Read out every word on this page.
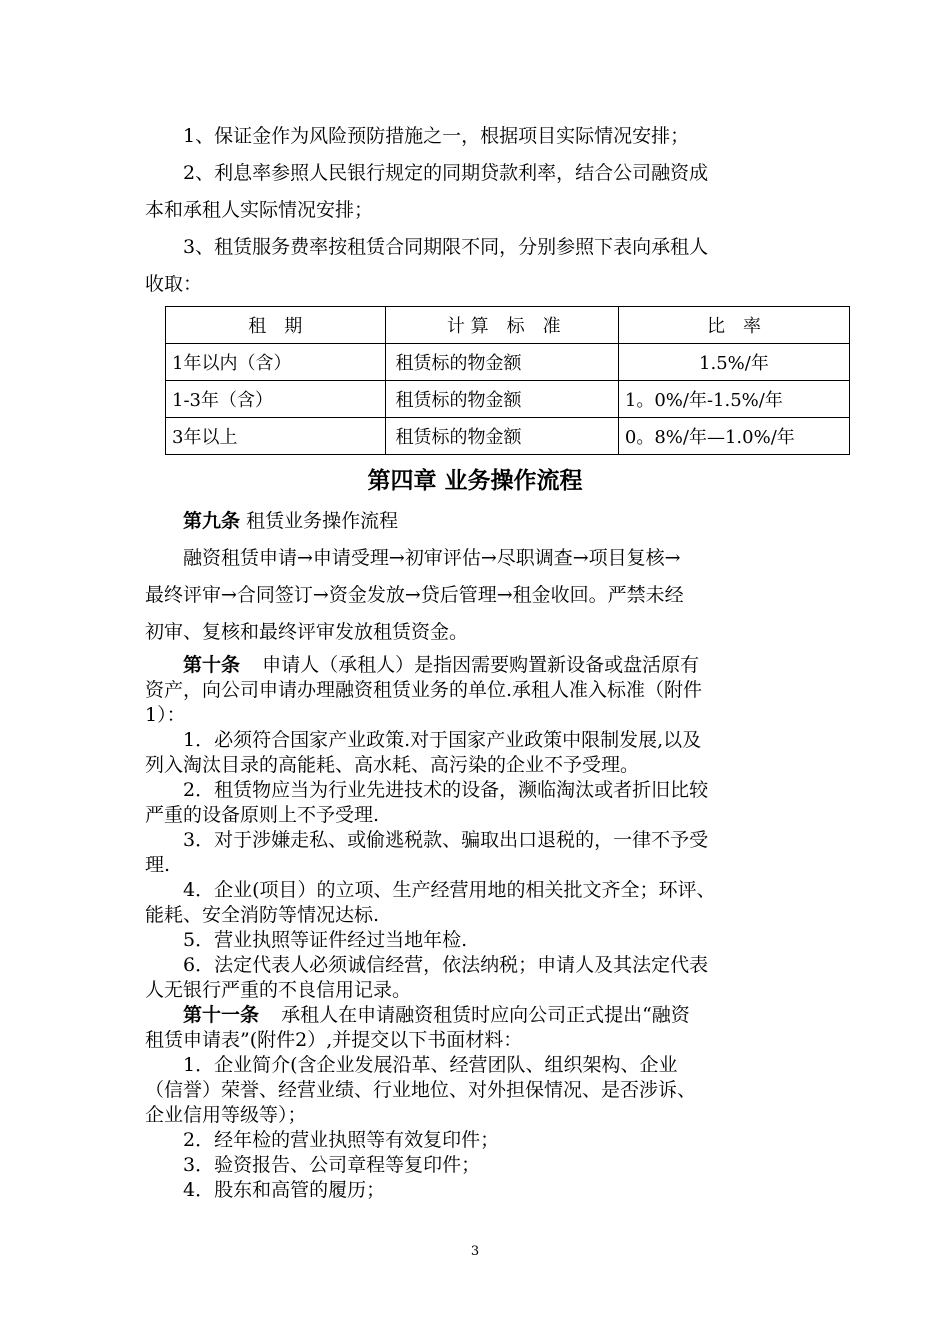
1、保证金作为风险预防措施之一，根据项目实际情况安排；
2、利息率参照人民银行规定的同期贷款利率，结合公司融资成
本和承租人实际情况安排；
3、租赁服务费率按租赁合同期限不同，分别参照下表向承租人
收取：
租　期	计 算　标　准	比　率
1年以内（含）	租赁标的物金额	1.5%/年
1-3年（含）	租赁标的物金额	1。0%/年-1.5%/年
3年以上	租赁标的物金额	0。8%/年—1.0%/年
第四章 业务操作流程
第九条 租赁业务操作流程
融资租赁申请→申请受理→初审评估→尽职调查→项目复核→
最终评审→合同签订→资金发放→贷后管理→租金收回。严禁未经
初审、复核和最终评审发放租赁资金。
第十条 申请人（承租人）是指因需要购置新设备或盘活原有
资产，向公司申请办理融资租赁业务的单位.承租人准入标准（附件
1）：
1．必须符合国家产业政策.对于国家产业政策中限制发展,以及
列入淘汰目录的高能耗、高水耗、高污染的企业不予受理。
2．租赁物应当为行业先进技术的设备，濒临淘汰或者折旧比较
严重的设备原则上不予受理.
3．对于涉嫌走私、或偷逃税款、骗取出口退税的，一律不予受
理.
4．企业(项目）的立项、生产经营用地的相关批文齐全；环评、
能耗、安全消防等情况达标.
5．营业执照等证件经过当地年检.
6．法定代表人必须诚信经营，依法纳税；申请人及其法定代表
人无银行严重的不良信用记录。
第十一条 承租人在申请融资租赁时应向公司正式提出“融资
租赁申请表”(附件2）,并提交以下书面材料：
1．企业简介(含企业发展沿革、经营团队、组织架构、企业
（信誉）荣誉、经营业绩、行业地位、对外担保情况、是否涉诉、
企业信用等级等）；
2．经年检的营业执照等有效复印件；
3．验资报告、公司章程等复印件；
4．股东和高管的履历；
3
